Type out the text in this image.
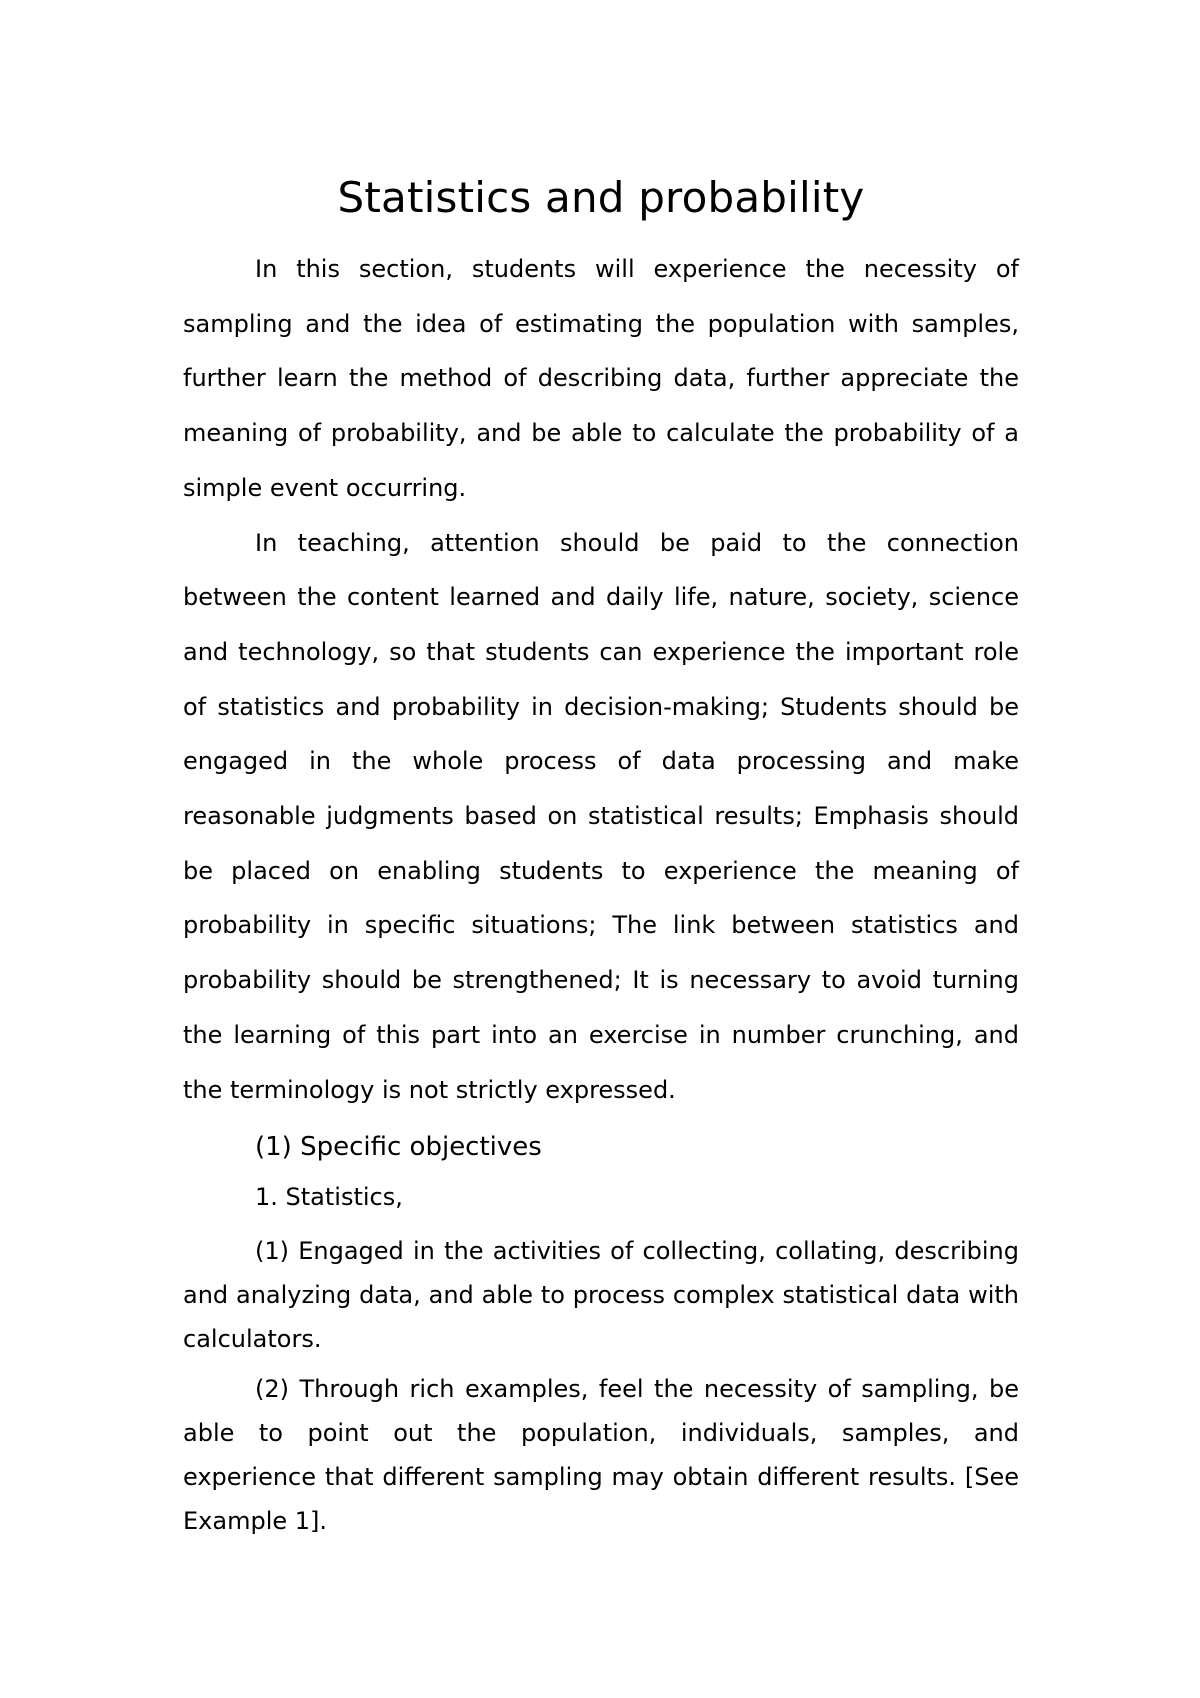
Statistics and probability

In this section, students will experience the necessity of sampling and the idea of estimating the population with samples, further learn the method of describing data, further appreciate the meaning of probability, and be able to calculate the probability of a simple event occurring.

In teaching, attention should be paid to the connection between the content learned and daily life, nature, society, science and technology, so that students can experience the important role of statistics and probability in decision-making; Students should be engaged in the whole process of data processing and make reasonable judgments based on statistical results; Emphasis should be placed on enabling students to experience the meaning of probability in specific situations; The link between statistics and probability should be strengthened; It is necessary to avoid turning the learning of this part into an exercise in number crunching, and the terminology is not strictly expressed.

(1) Specific objectives

1. Statistics,

(1) Engaged in the activities of collecting, collating, describing and analyzing data, and able to process complex statistical data with calculators.

(2) Through rich examples, feel the necessity of sampling, be able to point out the population, individuals, samples, and experience that different sampling may obtain different results. [See Example 1].
